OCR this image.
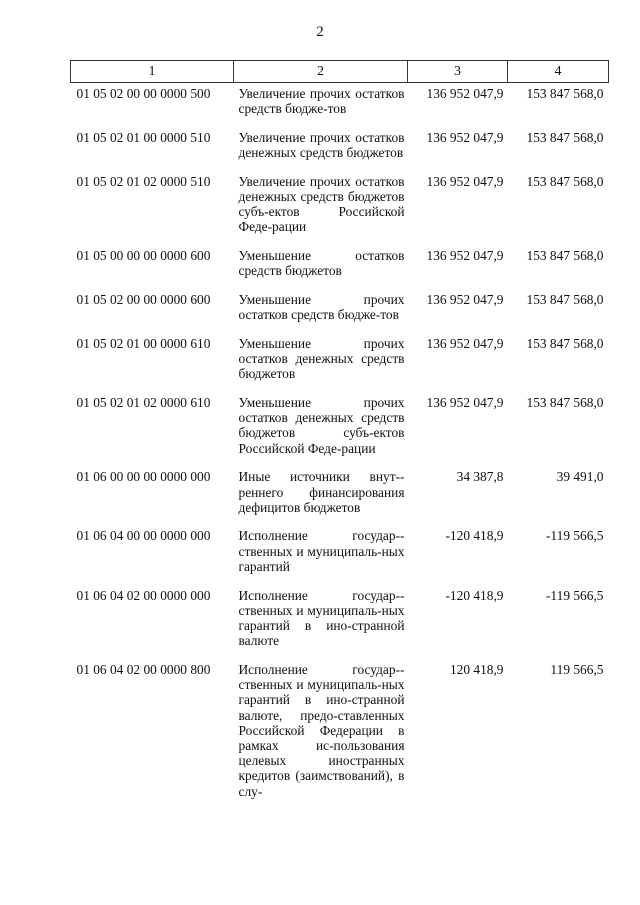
2
1	2	3	4
01 05 02 00 00 0000 500	Увеличение прочих остатков средств бюдже-тов	136 952 047,9	153 847 568,0
01 05 02 01 00 0000 510	Увеличение прочих остатков денежных средств бюджетов	136 952 047,9	153 847 568,0
01 05 02 01 02 0000 510	Увеличение прочих остатков денежных средств бюджетов субъ-ектов Российской Феде-рации	136 952 047,9	153 847 568,0
01 05 00 00 00 0000 600	Уменьшение остатков средств бюджетов	136 952 047,9	153 847 568,0
01 05 02 00 00 0000 600	Уменьшение прочих остатков средств бюдже-тов	136 952 047,9	153 847 568,0
01 05 02 01 00 0000 610	Уменьшение прочих остатков денежных средств бюджетов	136 952 047,9	153 847 568,0
01 05 02 01 02 0000 610	Уменьшение прочих остатков денежных средств бюджетов субъ-ектов Российской Феде-рации	136 952 047,9	153 847 568,0
01 06 00 00 00 0000 000	Иные источники внут-реннего финансирования дефицитов бюджетов	34 387,8	39 491,0
01 06 04 00 00 0000 000	Исполнение государ-ственных и муниципаль-ных гарантий	-120 418,9	-119 566,5
01 06 04 02 00 0000 000	Исполнение государ-ственных и муниципаль-ных гарантий в ино-странной валюте	-120 418,9	-119 566,5
01 06 04 02 00 0000 800	Исполнение государ-ственных и муниципаль-ных гарантий в ино-странной валюте, предо-ставленных Российской Федерации в рамках ис-пользования целевых иностранных кредитов (заимствований), в слу-	120 418,9	119 566,5
